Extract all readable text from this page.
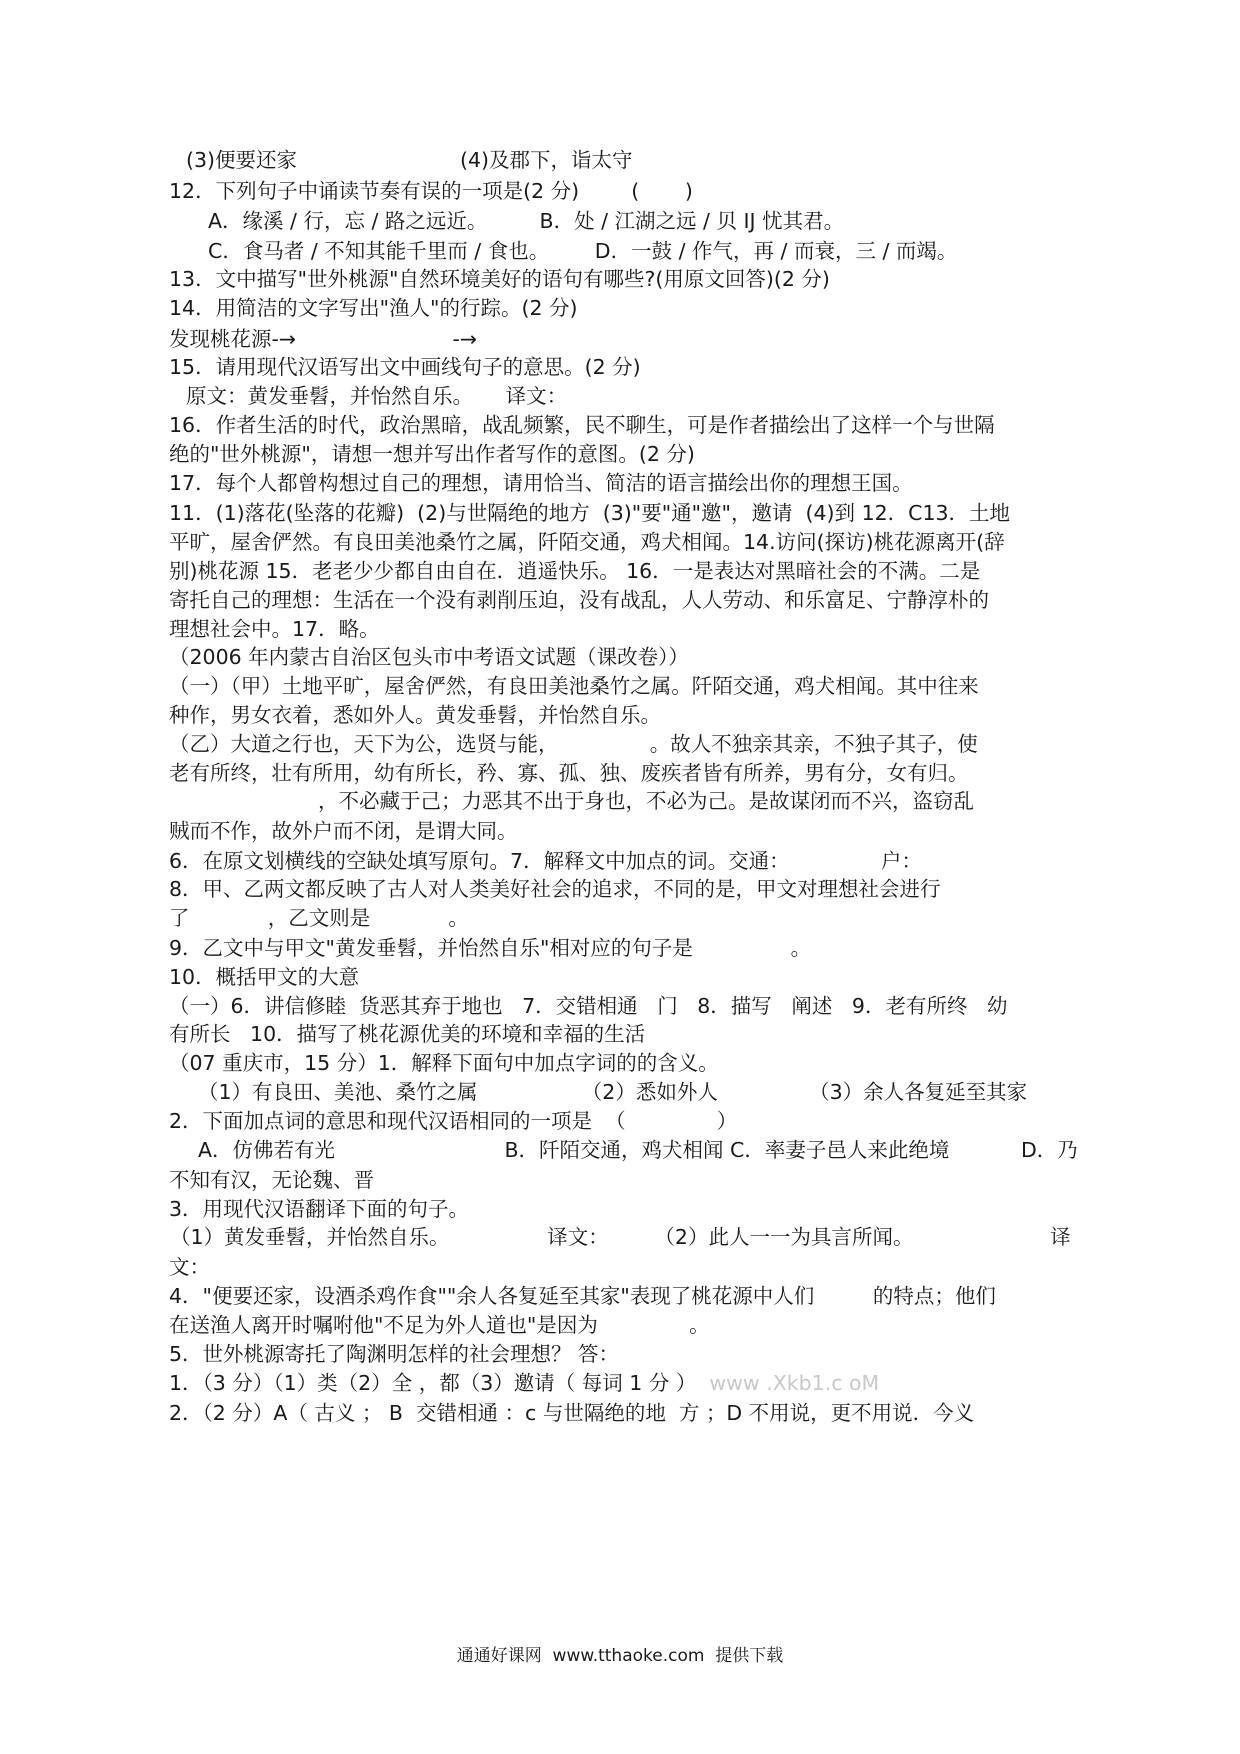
(3)便要还家                         (4)及郡下，诣太守
12．下列句子中诵读节奏有误的一项是(2 分)        (       )
A．缘溪 / 行，忘 / 路之远近。        B．处 / 江湖之远 / 贝 IJ 忧其君。
C．食马者 / 不知其能千里而 / 食也。       D．一鼓 / 作气，再 / 而衰，三 / 而竭。
13．文中描写"世外桃源"自然环境美好的语句有哪些?(用原文回答)(2 分)
14．用简洁的文字写出"渔人"的行踪。(2 分)
发现桃花源-→                        -→
15．请用现代汉语写出文中画线句子的意思。(2 分)
原文：黄发垂髫，并怡然自乐。     译文：
16．作者生活的时代，政治黑暗，战乱频繁，民不聊生，可是作者描绘出了这样一个与世隔
绝的"世外桃源"，请想一想并写出作者写作的意图。(2 分)
17．每个人都曾构想过自己的理想，请用恰当、简洁的语言描绘出你的理想王国。
11．(1)落花(坠落的花瓣)  (2)与世隔绝的地方  (3)"要"通"邀"，邀请  (4)到 12．C13．土地
平旷，屋舍俨然。有良田美池桑竹之属，阡陌交通，鸡犬相闻。14.访问(探访)桃花源离开(辞
别)桃花源 15．老老少少都自由自在．逍遥快乐。 16．一是表达对黑暗社会的不满。二是
寄托自己的理想：生活在一个没有剥削压迫，没有战乱，人人劳动、和乐富足、宁静淳朴的
理想社会中。17．略。
（2006 年内蒙古自治区包头市中考语文试题（课改卷））
（一）（甲）土地平旷，屋舍俨然，有良田美池桑竹之属。阡陌交通，鸡犬相闻。其中往来
种作，男女衣着，悉如外人。黄发垂髫，并怡然自乐。
（乙）大道之行也，天下为公，选贤与能，              。故人不独亲其亲，不独子其子，使
老有所终，壮有所用，幼有所长，矜、寡、孤、独、废疾者皆有所养，男有分，女有归。
，不必藏于己；力恶其不出于身也，不必为己。是故谋闭而不兴，盗窃乱
贼而不作，故外户而不闭，是谓大同。
6．在原文划横线的空缺处填写原句。7．解释文中加点的词。交通：              户：
8．甲、乙两文都反映了古人对人类美好社会的追求，不同的是，甲文对理想社会进行
了            ，乙文则是            。
9．乙文中与甲文"黄发垂髫，并怡然自乐"相对应的句子是               。
10．概括甲文的大意
（一）6．讲信修睦  货恶其弃于地也   7．交错相通   门   8．描写   阐述   9．老有所终   幼
有所长   10．描写了桃花源优美的环境和幸福的生活
（07 重庆市，15 分）1．解释下面句中加点字词的的含义。
（1）有良田、美池、桑竹之属                （2）悉如外人              （3）余人各复延至其家
2．下面加点词的意思和现代汉语相同的一项是  （              ）
A．仿佛若有光                          B．阡陌交通，鸡犬相闻 C．率妻子邑人来此绝境           D．乃
不知有汉，无论魏、晋
3．用现代汉语翻译下面的句子。
（1）黄发垂髫，并怡然自乐。               译文：       （2）此人一一为具言所闻。                     译
文：
4．"便要还家，设酒杀鸡作食""余人各复延至其家"表现了桃花源中人们         的特点；他们
在送渔人离开时嘱咐他"不足为外人道也"是因为              。
5．世外桃源寄托了陶渊明怎样的社会理想？ 答：
1．（3 分）（1）类（2）全 ，都（3）邀请（ 每词 1 分 ）  www .Xkb1.c oM
2．（2 分）A（ 古义 ； B  交错相通 ：c 与世隔绝的地  方 ；D 不用说，更不用说．今义
通通好课网  www.tthaoke.com  提供下载
